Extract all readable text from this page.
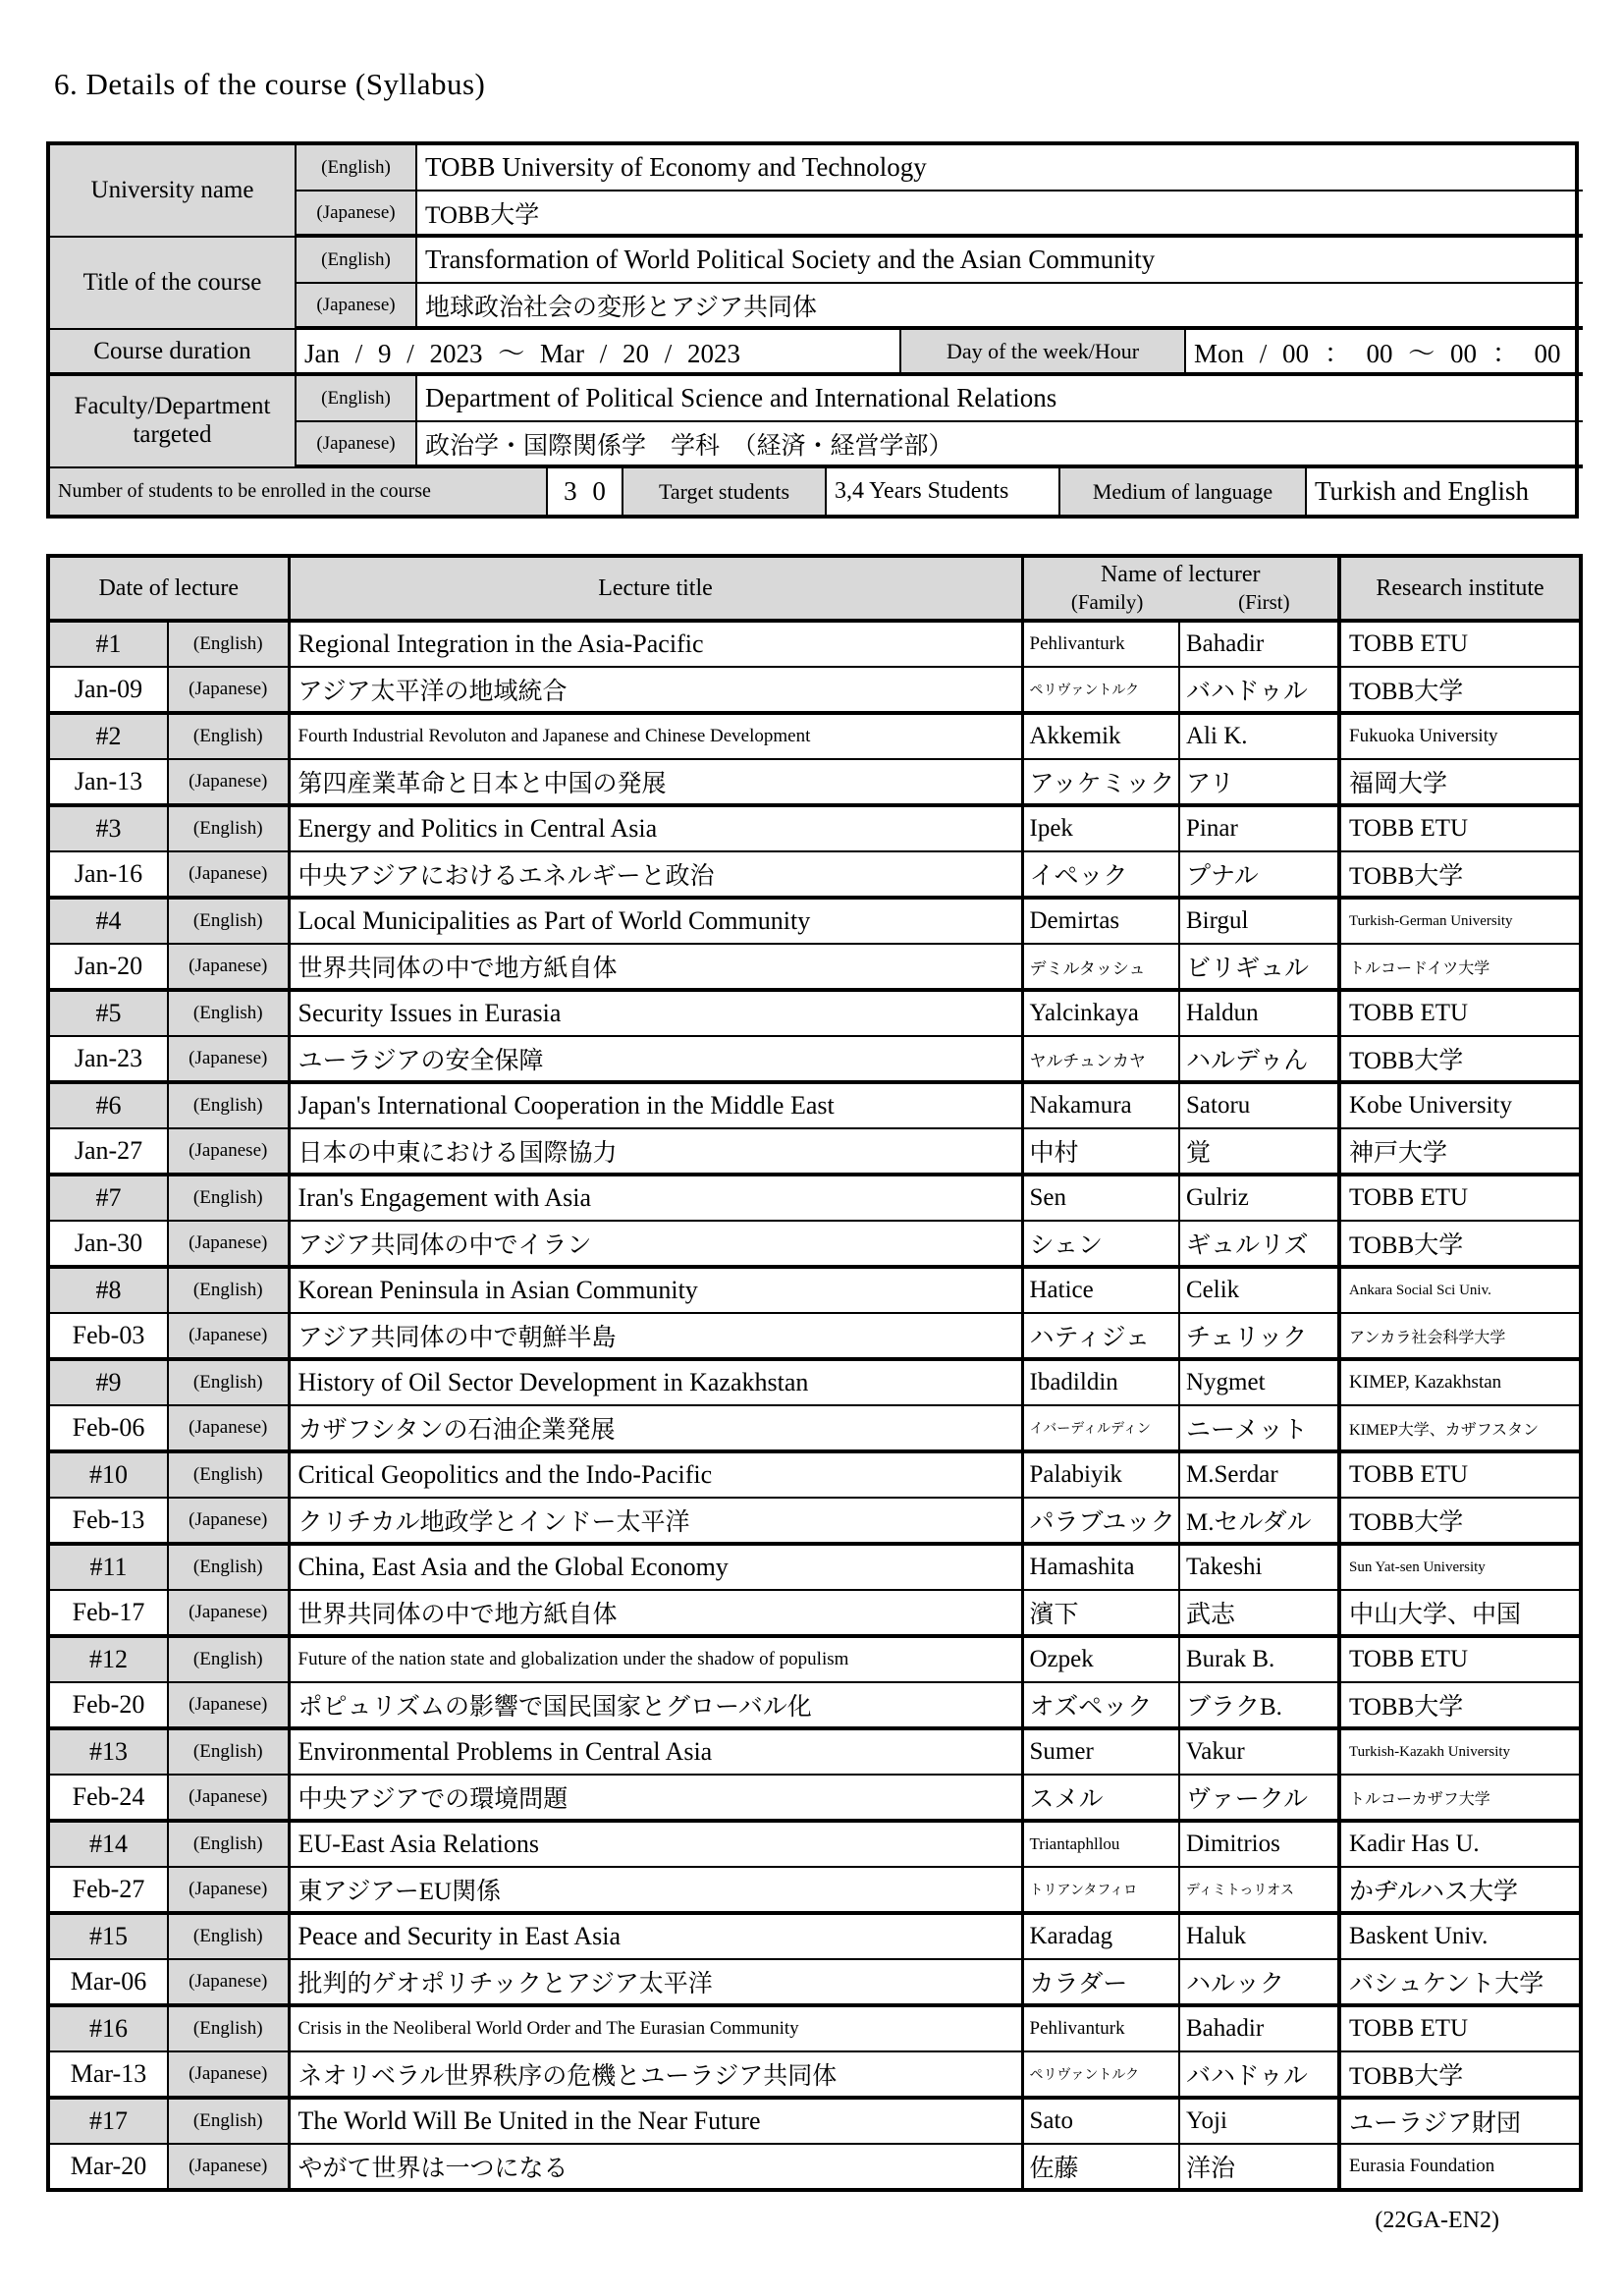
6. Details of the course (Syllabus)
University name
(English)	TOBB University of Economy and Technology
(Japanese)	TOBB大学
Title of the course
(English)	Transformation of World Political Society and the Asian Community
(Japanese)	地球政治社会の変形とアジア共同体
Course duration	Jan / 9 / 2023 ～ Mar / 20 / 2023	Day of the week/Hour	Mon / 00 ： 00 ～ 00 ： 00
Faculty/Department targeted
(English)	Department of Political Science and International Relations
(Japanese)	政治学・国際関係学　学科　（経済・経営学部）
Number of students to be enrolled in the course	3 0	Target students	3,4 Years Students	Medium of language	Turkish and English
Date of lecture		Lecture title	Name of lecturer
(Family) (First)		Research institute
#1	(English)	Regional Integration in the Asia-Pacific	Pehlivanturk	Bahadir	TOBB ETU
Jan-09	(Japanese)	アジア太平洋の地域統合	ペリヴァントルク	バハドゥル	TOBB大学
#2	(English)	Fourth Industrial Revoluton and Japanese and Chinese Development	Akkemik	Ali K.	Fukuoka University
Jan-13	(Japanese)	第四産業革命と日本と中国の発展	アッケミック	アリ	福岡大学
#3	(English)	Energy and Politics in Central Asia	Ipek	Pinar	TOBB ETU
Jan-16	(Japanese)	中央アジアにおけるエネルギーと政治	イペック	プナル	TOBB大学
#4	(English)	Local Municipalities as Part of World Community	Demirtas	Birgul	Turkish-German University
Jan-20	(Japanese)	世界共同体の中で地方紙自体	デミルタッシュ	ビリギュル	トルコードイツ大学
#5	(English)	Security Issues in Eurasia	Yalcinkaya	Haldun	TOBB ETU
Jan-23	(Japanese)	ユーラジアの安全保障	ヤルチュンカヤ	ハルデゥん	TOBB大学
#6	(English)	Japan's International Cooperation in the Middle East	Nakamura	Satoru	Kobe University
Jan-27	(Japanese)	日本の中東における国際協力	中村	覚	神戸大学
#7	(English)	Iran's Engagement with Asia	Sen	Gulriz	TOBB ETU
Jan-30	(Japanese)	アジア共同体の中でイラン	シェン	ギュルリズ	TOBB大学
#8	(English)	Korean Peninsula in Asian Community	Hatice	Celik	Ankara Social Sci Univ.
Feb-03	(Japanese)	アジア共同体の中で朝鮮半島	ハティジェ	チェリック	アンカラ社会科学大学
#9	(English)	History of Oil Sector Development in Kazakhstan	Ibadildin	Nygmet	KIMEP, Kazakhstan
Feb-06	(Japanese)	カザフシタンの石油企業発展	イバーディルディン	ニーメット	KIMEP大学、カザフスタン
#10	(English)	Critical Geopolitics and the Indo-Pacific	Palabiyik	M.Serdar	TOBB ETU
Feb-13	(Japanese)	クリチカル地政学とインドー太平洋	パラブユック	M.セルダル	TOBB大学
#11	(English)	China, East Asia and the Global Economy	Hamashita	Takeshi	Sun Yat-sen University
Feb-17	(Japanese)	世界共同体の中で地方紙自体	濱下	武志	中山大学、中国
#12	(English)	Future of the nation state and globalization under the shadow of populism	Ozpek	Burak B.	TOBB ETU
Feb-20	(Japanese)	ポピュリズムの影響で国民国家とグローバル化	オズペック	ブラクB.	TOBB大学
#13	(English)	Environmental Problems in Central Asia	Sumer	Vakur	Turkish-Kazakh University
Feb-24	(Japanese)	中央アジアでの環境問題	スメル	ヴァークル	トルコーカザフ大学
#14	(English)	EU-East Asia Relations	Triantaphllou	Dimitrios	Kadir Has U.
Feb-27	(Japanese)	東アジアーEU関係	トリアンタフィロ	ディミトっリオス	かヂルハス大学
#15	(English)	Peace and Security in East Asia	Karadag	Haluk	Baskent Univ.
Mar-06	(Japanese)	批判的ゲオポリチックとアジア太平洋	カラダー	ハルック	バシュケント大学
#16	(English)	Crisis in the Neoliberal World Order and The Eurasian Community	Pehlivanturk	Bahadir	TOBB ETU
Mar-13	(Japanese)	ネオリベラル世界秩序の危機とユーラジア共同体	ペリヴァントルク	バハドゥル	TOBB大学
#17	(English)	The World Will Be United in the Near Future	Sato	Yoji	ユーラジア財団
Mar-20	(Japanese)	やがて世界は一つになる	佐藤	洋治	Eurasia Foundation
(22GA-EN2)
